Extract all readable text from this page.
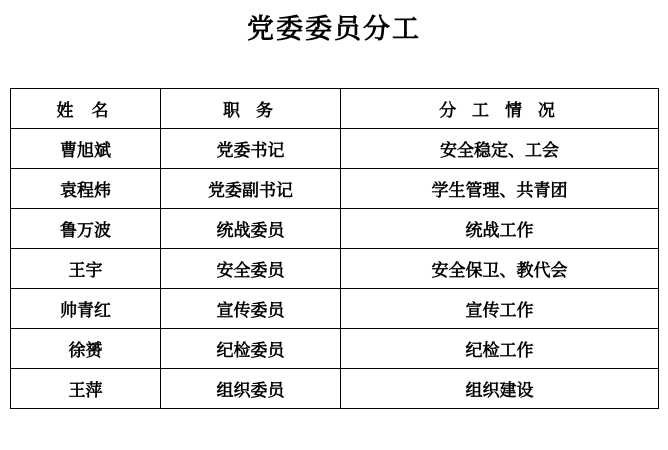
党委委员分工
姓 名	职 务	分 工 情 况
曹旭斌	党委书记	安全稳定、工会
袁程炜	党委副书记	学生管理、共青团
鲁万波	统战委员	统战工作
王宇	安全委员	安全保卫、教代会
帅青红	宣传委员	宣传工作
徐赟	纪检委员	纪检工作
王萍	组织委员	组织建设
